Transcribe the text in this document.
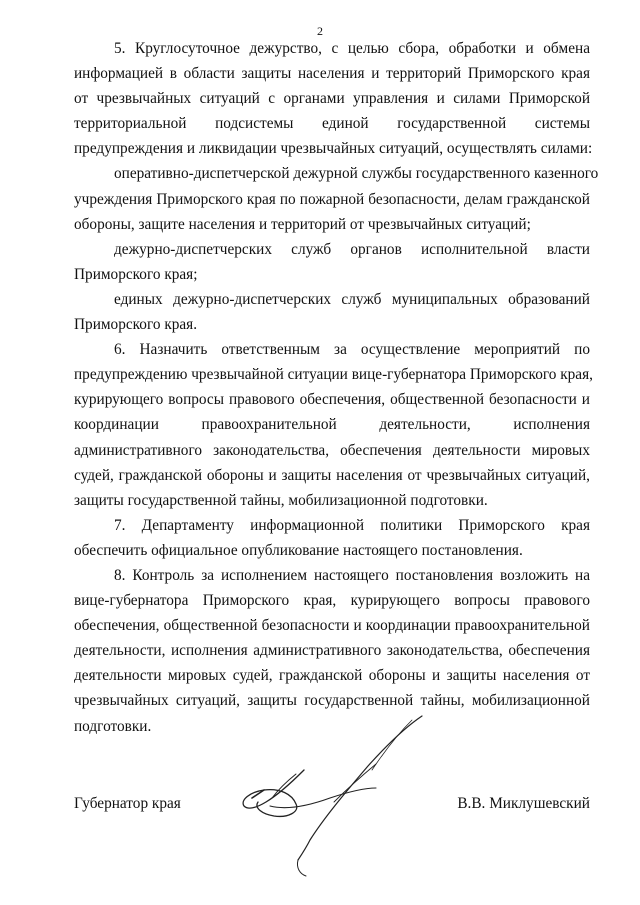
2
5. Круглосуточное дежурство, с целью сбора, обработки и обмена
информацией в области защиты населения и территорий Приморского края
от чрезвычайных ситуаций с органами управления и силами Приморской
территориальной подсистемы единой государственной системы
предупреждения и ликвидации чрезвычайных ситуаций, осуществлять силами:
оперативно-диспетчерской дежурной службы государственного казенного
учреждения Приморского края по пожарной безопасности, делам гражданской
обороны, защите населения и территорий от чрезвычайных ситуаций;
дежурно-диспетчерских служб органов исполнительной власти
Приморского края;
единых дежурно-диспетчерских служб муниципальных образований
Приморского края.
6. Назначить ответственным за осуществление мероприятий по
предупреждению чрезвычайной ситуации вице-губернатора Приморского края,
курирующего вопросы правового обеспечения, общественной безопасности и
координации правоохранительной деятельности, исполнения
административного законодательства, обеспечения деятельности мировых
судей, гражданской обороны и защиты населения от чрезвычайных ситуаций,
защиты государственной тайны, мобилизационной подготовки.
7. Департаменту информационной политики Приморского края
обеспечить официальное опубликование настоящего постановления.
8. Контроль за исполнением настоящего постановления возложить на
вице-губернатора Приморского края, курирующего вопросы правового
обеспечения, общественной безопасности и координации правоохранительной
деятельности, исполнения административного законодательства, обеспечения
деятельности мировых судей, гражданской обороны и защиты населения от
чрезвычайных ситуаций, защиты государственной тайны, мобилизационной
подготовки.
Губернатор края	В.В. Миклушевский
